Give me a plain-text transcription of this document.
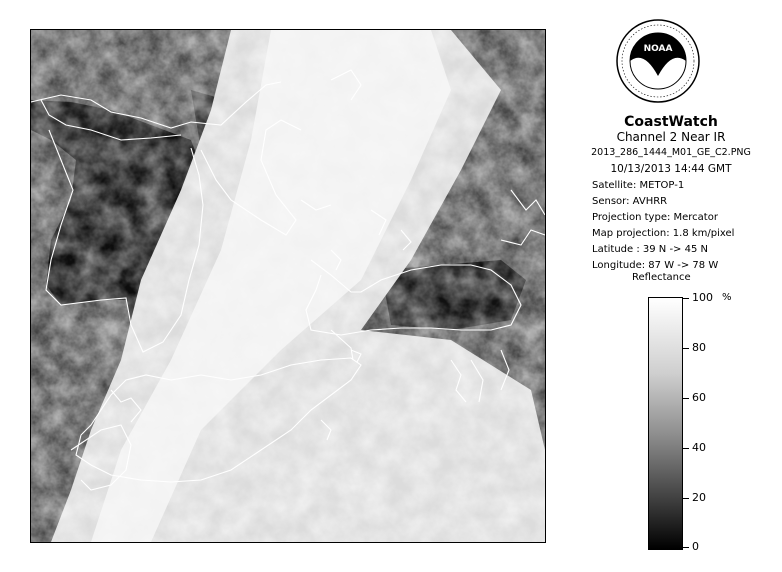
NOAA
CoastWatch
Channel 2 Near IR
2013_286_1444_M01_GE_C2.PNG
10/13/2013 14:44 GMT
Satellite: METOP-1
Sensor: AVHRR
Projection type: Mercator
Map projection: 1.8 km/pixel
Latitude : 39 N -> 45 N
Longitude: 87 W -> 78 W
Reflectance
%
100
80
60
40
20
0
